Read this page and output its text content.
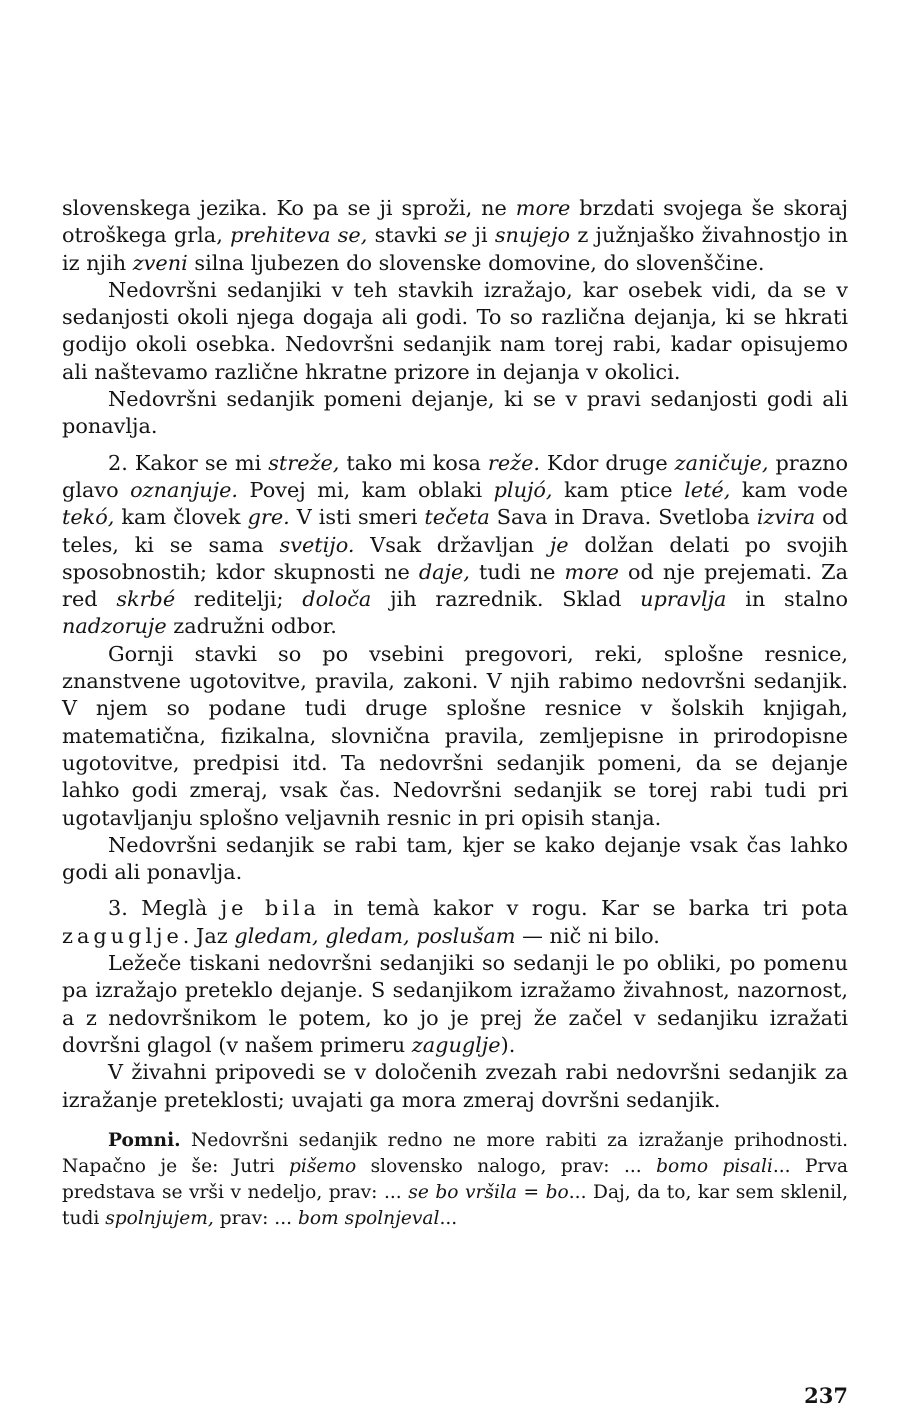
slovenskega jezika. Ko pa se ji sproži, ne more brzdati svojega še skoraj otroškega grla, prehiteva se, stavki se ji snujejo z južnjaško živahnostjo in iz njih zveni silna ljubezen do slovenske domovine, do slovenščine.

Nedovršni sedanjiki v teh stavkih izražajo, kar osebek vidi, da se v sedanjosti okoli njega dogaja ali godi. To so različna dejanja, ki se hkrati godijo okoli osebka. Nedovršni sedanjik nam torej rabi, kadar opisujemo ali naštevamo različne hkratne prizore in dejanja v okolici.

Nedovršni sedanjik pomeni dejanje, ki se v pravi sedanjosti godi ali ponavlja.

2. Kakor se mi streže, tako mi kosa reže. Kdor druge zaničuje, prazno glavo oznanjuje. Povej mi, kam oblaki plujó, kam ptice leté, kam vode tekó, kam človek gre. V isti smeri tečeta Sava in Drava. Svetloba izvira od teles, ki se sama svetijo. Vsak državljan je dolžan delati po svojih sposobnostih; kdor skupnosti ne daje, tudi ne more od nje prejemati. Za red skrbé reditelji; določa jih razrednik. Sklad upravlja in stalno nadzoruje zadružni odbor.

Gornji stavki so po vsebini pregovori, reki, splošne resnice, znanstvene ugotovitve, pravila, zakoni. V njih rabimo nedovršni sedanjik. V njem so podane tudi druge splošne resnice v šolskih knjigah, matematična, fizikalna, slovnična pravila, zemljepisne in prirodopisne ugotovitve, predpisi itd. Ta nedovršni sedanjik pomeni, da se dejanje lahko godi zmeraj, vsak čas. Nedovršni sedanjik se torej rabi tudi pri ugotavljanju splošno veljavnih resnic in pri opisih stanja.

Nedovršni sedanjik se rabi tam, kjer se kako dejanje vsak čas lahko godi ali ponavlja.

3. Meglà je bila in temà kakor v rogu. Kar se barka tri pota zagugljе. Jaz gledam, gledam, poslušam — nič ni bilo.

Ležeče tiskani nedovršni sedanjiki so sedanji le po obliki, po pomenu pa izražajo preteklo dejanje. S sedanjikom izražamo živahnost, nazornost, a z nedovršnikom le potem, ko jo je prej že začel v sedanjiku izražati dovršni glagol (v našem primeru zagugljе).

V živahni pripovedi se v določenih zvezah rabi nedovršni sedanjik za izražanje preteklosti; uvajati ga mora zmeraj dovršni sedanjik.

Pomni. Nedovršni sedanjik redno ne more rabiti za izražanje prihodnosti. Napačno je še: Jutri pišemo slovensko nalogo, prav: ... bomo pisali... Prva predstava se vrši v nedeljo, prav: ... se bo vršila = bo... Daj, da to, kar sem sklenil, tudi spolnjujem, prav: ... bom spolnjeval...

237
